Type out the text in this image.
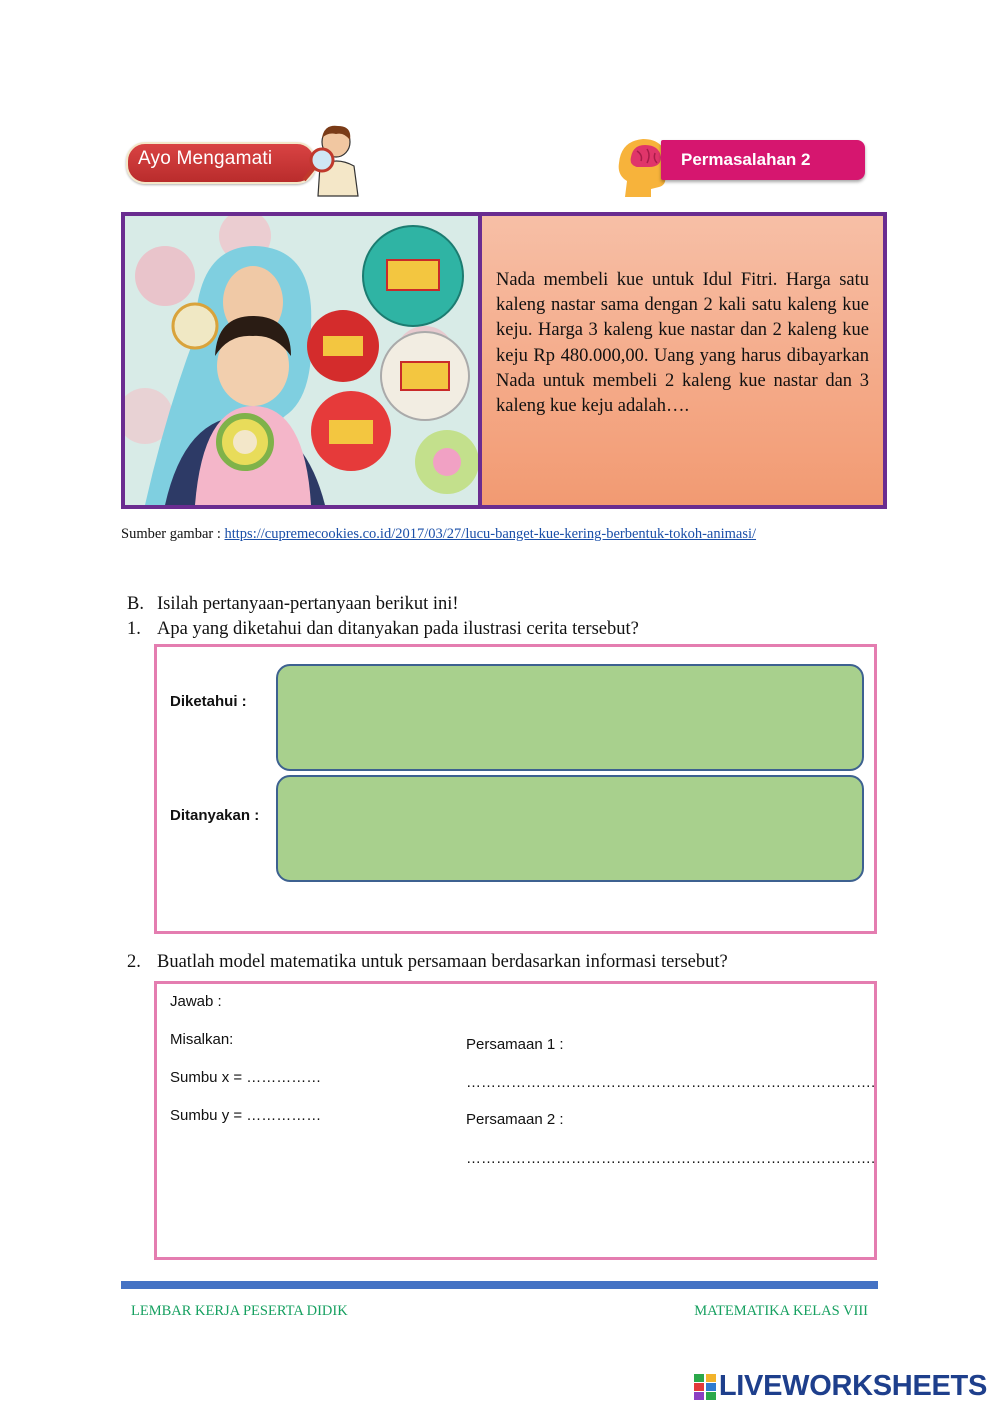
Ayo Mengamati	Permasalahan 2

Nada membeli kue untuk Idul Fitri. Harga satu kaleng nastar sama dengan 2 kali satu kaleng kue keju. Harga 3 kaleng kue nastar dan 2 kaleng kue keju Rp 480.000,00. Uang yang harus dibayarkan Nada untuk membeli 2 kaleng kue nastar dan 3 kaleng kue keju adalah….

Sumber gambar : https://cupremecookies.co.id/2017/03/27/lucu-banget-kue-kering-berbentuk-tokoh-animasi/
B. Isilah pertanyaan-pertanyaan berikut ini!
1. Apa yang diketahui dan ditanyakan pada ilustrasi cerita tersebut?
Diketahui :
Ditanyakan :
2. Buatlah model matematika untuk persamaan berdasarkan informasi tersebut?
Jawab :
Misalkan:
Sumbu x = ……………
Sumbu y = ……………
Persamaan 1 :
……………………………………………………………………….
Persamaan 2 :
……………………………………………………………………….
LEMBAR KERJA PESERTA DIDIK	MATEMATIKA KELAS VIII
LIVEWORKSHEETS
